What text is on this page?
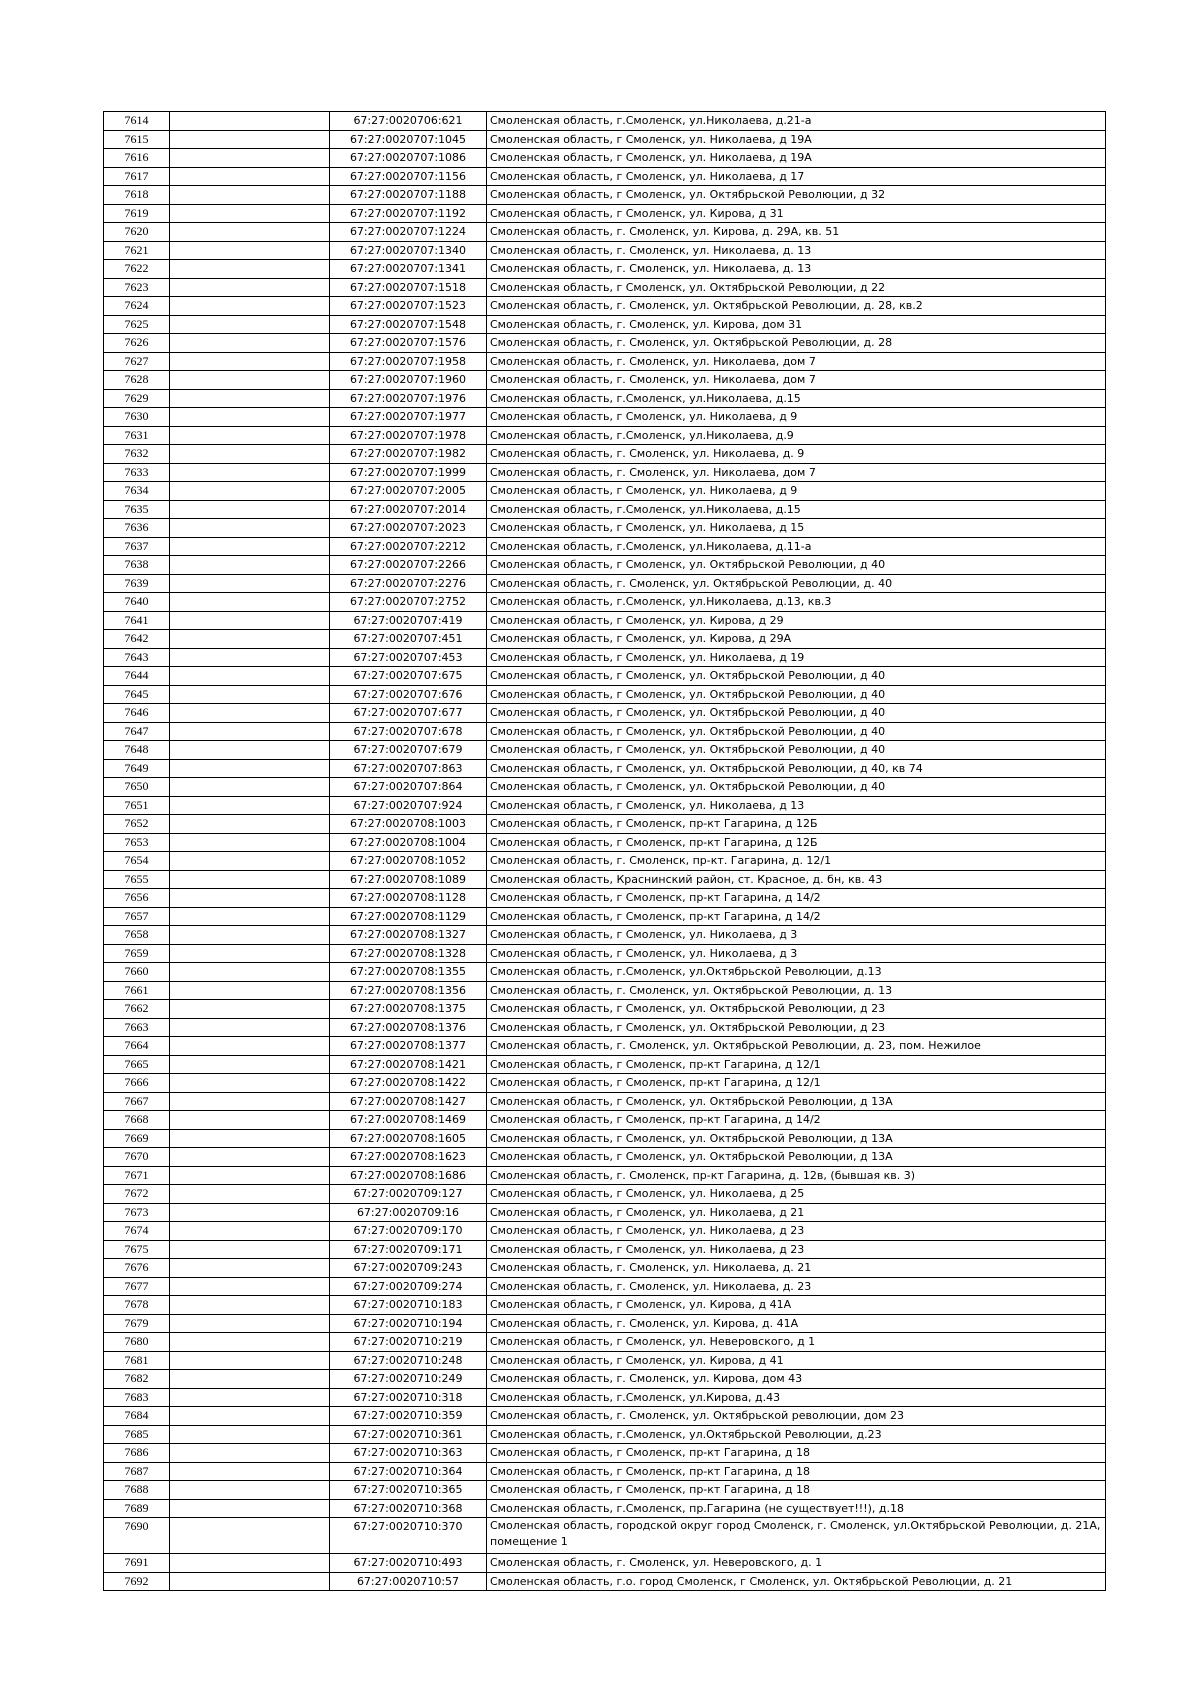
7614		67:27:0020706:621	Смоленская область, г.Смоленск, ул.Николаева, д.21-а
7615		67:27:0020707:1045	Смоленская область, г Смоленск, ул. Николаева, д 19А
7616		67:27:0020707:1086	Смоленская область, г Смоленск, ул. Николаева, д 19А
7617		67:27:0020707:1156	Смоленская область, г Смоленск, ул. Николаева, д 17
7618		67:27:0020707:1188	Смоленская область, г Смоленск, ул. Октябрьской Революции, д 32
7619		67:27:0020707:1192	Смоленская область, г Смоленск, ул. Кирова, д 31
7620		67:27:0020707:1224	Смоленская область, г. Смоленск, ул. Кирова, д. 29А, кв. 51
7621		67:27:0020707:1340	Смоленская область, г. Смоленск, ул. Николаева, д. 13
7622		67:27:0020707:1341	Смоленская область, г. Смоленск, ул. Николаева, д. 13
7623		67:27:0020707:1518	Смоленская область, г Смоленск, ул. Октябрьской Революции, д 22
7624		67:27:0020707:1523	Смоленская область, г. Смоленск, ул. Октябрьской Революции, д. 28, кв.2
7625		67:27:0020707:1548	Смоленская область, г. Смоленск, ул. Кирова, дом 31
7626		67:27:0020707:1576	Смоленская область, г. Смоленск, ул. Октябрьской Революции, д. 28
7627		67:27:0020707:1958	Смоленская область, г. Смоленск, ул. Николаева, дом 7
7628		67:27:0020707:1960	Смоленская область, г. Смоленск, ул. Николаева, дом 7
7629		67:27:0020707:1976	Смоленская область, г.Смоленск, ул.Николаева, д.15
7630		67:27:0020707:1977	Смоленская область, г Смоленск, ул. Николаева, д 9
7631		67:27:0020707:1978	Смоленская область, г.Смоленск, ул.Николаева, д.9
7632		67:27:0020707:1982	Смоленская область, г. Смоленск, ул. Николаева, д. 9
7633		67:27:0020707:1999	Смоленская область, г. Смоленск, ул. Николаева, дом 7
7634		67:27:0020707:2005	Смоленская область, г Смоленск, ул. Николаева, д 9
7635		67:27:0020707:2014	Смоленская область, г.Смоленск, ул.Николаева, д.15
7636		67:27:0020707:2023	Смоленская область, г Смоленск, ул. Николаева, д 15
7637		67:27:0020707:2212	Смоленская область, г.Смоленск, ул.Николаева, д.11-а
7638		67:27:0020707:2266	Смоленская область, г Смоленск, ул. Октябрьской Революции, д 40
7639		67:27:0020707:2276	Смоленская область, г. Смоленск, ул. Октябрьской Революции, д. 40
7640		67:27:0020707:2752	Смоленская область, г.Смоленск, ул.Николаева, д.13, кв.3
7641		67:27:0020707:419	Смоленская область, г Смоленск, ул. Кирова, д 29
7642		67:27:0020707:451	Смоленская область, г Смоленск, ул. Кирова, д 29А
7643		67:27:0020707:453	Смоленская область, г Смоленск, ул. Николаева, д 19
7644		67:27:0020707:675	Смоленская область, г Смоленск, ул. Октябрьской Революции, д 40
7645		67:27:0020707:676	Смоленская область, г Смоленск, ул. Октябрьской Революции, д 40
7646		67:27:0020707:677	Смоленская область, г Смоленск, ул. Октябрьской Революции, д 40
7647		67:27:0020707:678	Смоленская область, г Смоленск, ул. Октябрьской Революции, д 40
7648		67:27:0020707:679	Смоленская область, г Смоленск, ул. Октябрьской Революции, д 40
7649		67:27:0020707:863	Смоленская область, г Смоленск, ул. Октябрьской Революции, д 40, кв 74
7650		67:27:0020707:864	Смоленская область, г Смоленск, ул. Октябрьской Революции, д 40
7651		67:27:0020707:924	Смоленская область, г Смоленск, ул. Николаева, д 13
7652		67:27:0020708:1003	Смоленская область, г Смоленск, пр-кт Гагарина, д 12Б
7653		67:27:0020708:1004	Смоленская область, г Смоленск, пр-кт Гагарина, д 12Б
7654		67:27:0020708:1052	Смоленская область, г. Смоленск, пр-кт. Гагарина, д. 12/1
7655		67:27:0020708:1089	Смоленская область, Краснинский район, ст. Красное, д. бн, кв. 43
7656		67:27:0020708:1128	Смоленская область, г Смоленск, пр-кт Гагарина, д 14/2
7657		67:27:0020708:1129	Смоленская область, г Смоленск, пр-кт Гагарина, д 14/2
7658		67:27:0020708:1327	Смоленская область, г Смоленск, ул. Николаева, д 3
7659		67:27:0020708:1328	Смоленская область, г Смоленск, ул. Николаева, д 3
7660		67:27:0020708:1355	Смоленская область, г.Смоленск, ул.Октябрьской Революции, д.13
7661		67:27:0020708:1356	Смоленская область, г. Смоленск, ул. Октябрьской Революции, д. 13
7662		67:27:0020708:1375	Смоленская область, г Смоленск, ул. Октябрьской Революции, д 23
7663		67:27:0020708:1376	Смоленская область, г Смоленск, ул. Октябрьской Революции, д 23
7664		67:27:0020708:1377	Смоленская область, г. Смоленск, ул. Октябрьской Революции, д. 23, пом. Нежилое
7665		67:27:0020708:1421	Смоленская область, г Смоленск, пр-кт Гагарина, д 12/1
7666		67:27:0020708:1422	Смоленская область, г Смоленск, пр-кт Гагарина, д 12/1
7667		67:27:0020708:1427	Смоленская область, г Смоленск, ул. Октябрьской Революции, д 13А
7668		67:27:0020708:1469	Смоленская область, г Смоленск, пр-кт Гагарина, д 14/2
7669		67:27:0020708:1605	Смоленская область, г Смоленск, ул. Октябрьской Революции, д 13А
7670		67:27:0020708:1623	Смоленская область, г Смоленск, ул. Октябрьской Революции, д 13А
7671		67:27:0020708:1686	Смоленская область, г. Смоленск, пр-кт Гагарина, д. 12в, (бывшая кв. 3)
7672		67:27:0020709:127	Смоленская область, г Смоленск, ул. Николаева, д 25
7673		67:27:0020709:16	Смоленская область, г Смоленск, ул. Николаева, д 21
7674		67:27:0020709:170	Смоленская область, г Смоленск, ул. Николаева, д 23
7675		67:27:0020709:171	Смоленская область, г Смоленск, ул. Николаева, д 23
7676		67:27:0020709:243	Смоленская область, г. Смоленск, ул. Николаева, д. 21
7677		67:27:0020709:274	Смоленская область, г. Смоленск, ул. Николаева, д. 23
7678		67:27:0020710:183	Смоленская область, г Смоленск, ул. Кирова, д 41А
7679		67:27:0020710:194	Смоленская область, г. Смоленск, ул. Кирова, д. 41А
7680		67:27:0020710:219	Смоленская область, г Смоленск, ул. Неверовского, д 1
7681		67:27:0020710:248	Смоленская область, г Смоленск, ул. Кирова, д 41
7682		67:27:0020710:249	Смоленская область, г. Смоленск, ул. Кирова, дом 43
7683		67:27:0020710:318	Смоленская область, г.Смоленск, ул.Кирова, д.43
7684		67:27:0020710:359	Смоленская область, г. Смоленск, ул. Октябрьской революции, дом 23
7685		67:27:0020710:361	Смоленская область, г.Смоленск, ул.Октябрьской Революции, д.23
7686		67:27:0020710:363	Смоленская область, г Смоленск, пр-кт Гагарина, д 18
7687		67:27:0020710:364	Смоленская область, г Смоленск, пр-кт Гагарина, д 18
7688		67:27:0020710:365	Смоленская область, г Смоленск, пр-кт Гагарина, д 18
7689		67:27:0020710:368	Смоленская область, г.Смоленск, пр.Гагарина (не существует!!!), д.18
7690		67:27:0020710:370	Смоленская область, городской округ город Смоленск, г. Смоленск, ул.Октябрьской Революции, д. 21А, помещение 1
7691		67:27:0020710:493	Смоленская область, г. Смоленск, ул. Неверовского, д. 1
7692		67:27:0020710:57	Смоленская область, г.о. город Смоленск, г Смоленск, ул. Октябрьской Революции, д. 21
